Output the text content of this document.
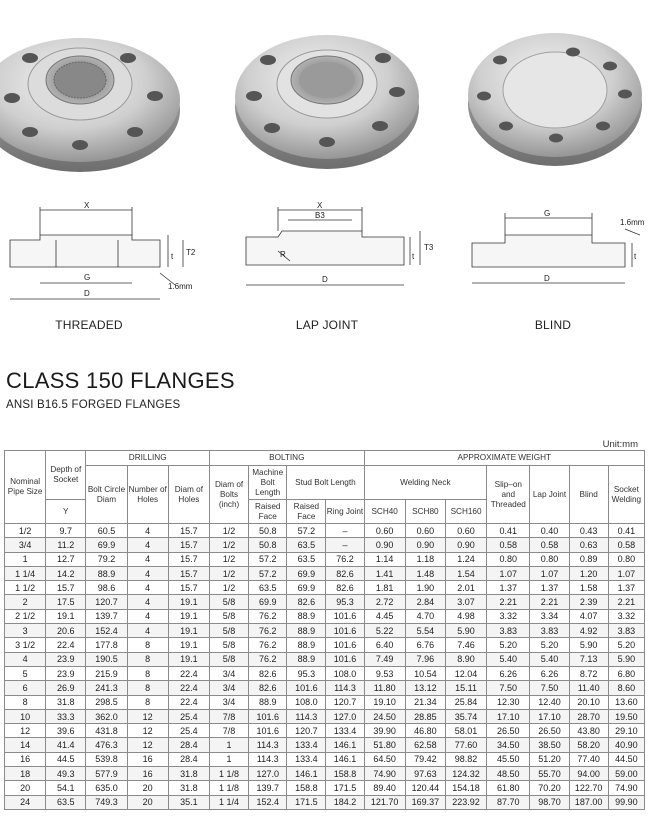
X
G
D
T2
t
1.6mm
X
B3
R
D
T3
t
G
D
t
1.6mm
THREADED	LAP JOINT	BLIND
CLASS 150 FLANGES
ANSI B16.5 FORGED FLANGES
Unit:mm
Nominal Pipe Size	Depth of Socket	DRILLING			BOLTING				APPROXIMATE WEIGHT						
		Bolt Circle Diam	Number of Holes	Diam of Holes	Diam of Bolts (inch)	Machine Bolt Length	Stud Bolt Length		Welding Neck			Slip–on and Threaded	Lap Joint	Blind	Socket Welding
	Y					Raised Face	Raised Face	Ring Joint	SCH40	SCH80	SCH160				
1/2	9.7	60.5	4	15.7	1/2	50.8	57.2	–	0.60	0.60	0.60	0.41	0.40	0.43	0.41
3/4	11.2	69.9	4	15.7	1/2	50.8	63.5	–	0.90	0.90	0.90	0.58	0.58	0.63	0.58
1	12.7	79.2	4	15.7	1/2	57.2	63.5	76.2	1.14	1.18	1.24	0.80	0.80	0.89	0.80
1 1/4	14.2	88.9	4	15.7	1/2	57.2	69.9	82.6	1.41	1.48	1.54	1.07	1.07	1.20	1.07
1 1/2	15.7	98.6	4	15.7	1/2	63.5	69.9	82.6	1.81	1.90	2.01	1.37	1.37	1.58	1.37
2	17.5	120.7	4	19.1	5/8	69.9	82.6	95.3	2.72	2.84	3.07	2.21	2.21	2.39	2.21
2 1/2	19.1	139.7	4	19.1	5/8	76.2	88.9	101.6	4.45	4.70	4.98	3.32	3.34	4.07	3.32
3	20.6	152.4	4	19.1	5/8	76.2	88.9	101.6	5.22	5.54	5.90	3.83	3.83	4.92	3.83
3 1/2	22.4	177.8	8	19.1	5/8	76.2	88.9	101.6	6.40	6.76	7.46	5.20	5.20	5.90	5.20
4	23.9	190.5	8	19.1	5/8	76.2	88.9	101.6	7.49	7.96	8.90	5.40	5.40	7.13	5.90
5	23.9	215.9	8	22.4	3/4	82.6	95.3	108.0	9.53	10.54	12.04	6.26	6.26	8.72	6.80
6	26.9	241.3	8	22.4	3/4	82.6	101.6	114.3	11.80	13.12	15.11	7.50	7.50	11.40	8.60
8	31.8	298.5	8	22.4	3/4	88.9	108.0	120.7	19.10	21.34	25.84	12.30	12.40	20.10	13.60
10	33.3	362.0	12	25.4	7/8	101.6	114.3	127.0	24.50	28.85	35.74	17.10	17.10	28.70	19.50
12	39.6	431.8	12	25.4	7/8	101.6	120.7	133.4	39.90	46.80	58.01	26.50	26.50	43.80	29.10
14	41.4	476.3	12	28.4	1	114.3	133.4	146.1	51.80	62.58	77.60	34.50	38.50	58.20	40.90
16	44.5	539.8	16	28.4	1	114.3	133.4	146.1	64.50	79.42	98.82	45.50	51.20	77.40	44.50
18	49.3	577.9	16	31.8	1 1/8	127.0	146.1	158.8	74.90	97.63	124.32	48.50	55.70	94.00	59.00
20	54.1	635.0	20	31.8	1 1/8	139.7	158.8	171.5	89.40	120.44	154.18	61.80	70.20	122.70	74.90
24	63.5	749.3	20	35.1	1 1/4	152.4	171.5	184.2	121.70	169.37	223.92	87.70	98.70	187.00	99.90
